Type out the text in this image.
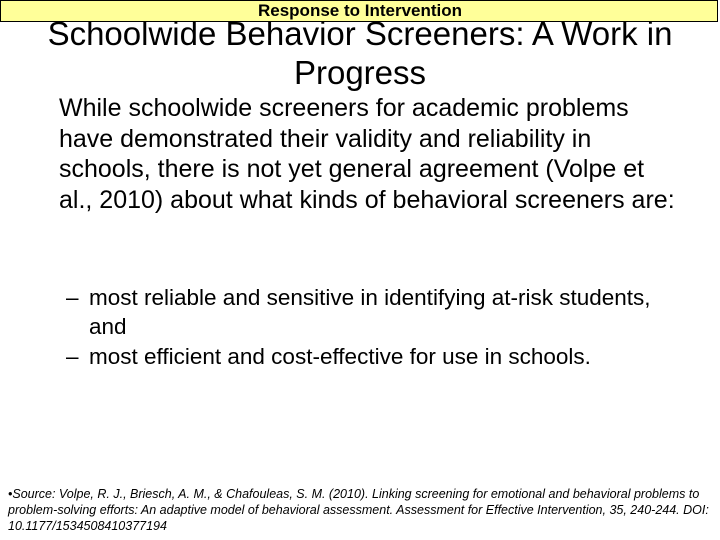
Response to Intervention
Schoolwide Behavior Screeners: A Work in Progress

While schoolwide screeners for academic problems have demonstrated their validity and reliability in schools, there is not yet general agreement (Volpe et al., 2010) about what kinds of behavioral screeners are:

– most reliable and sensitive in identifying at-risk students, and
– most efficient and cost-effective for use in schools.

•Source: Volpe, R. J., Briesch, A. M., & Chafouleas, S. M. (2010). Linking screening for emotional and behavioral problems to problem-solving efforts: An adaptive model of behavioral assessment. Assessment for Effective Intervention, 35, 240-244. DOI: 10.1177/1534508410377194
